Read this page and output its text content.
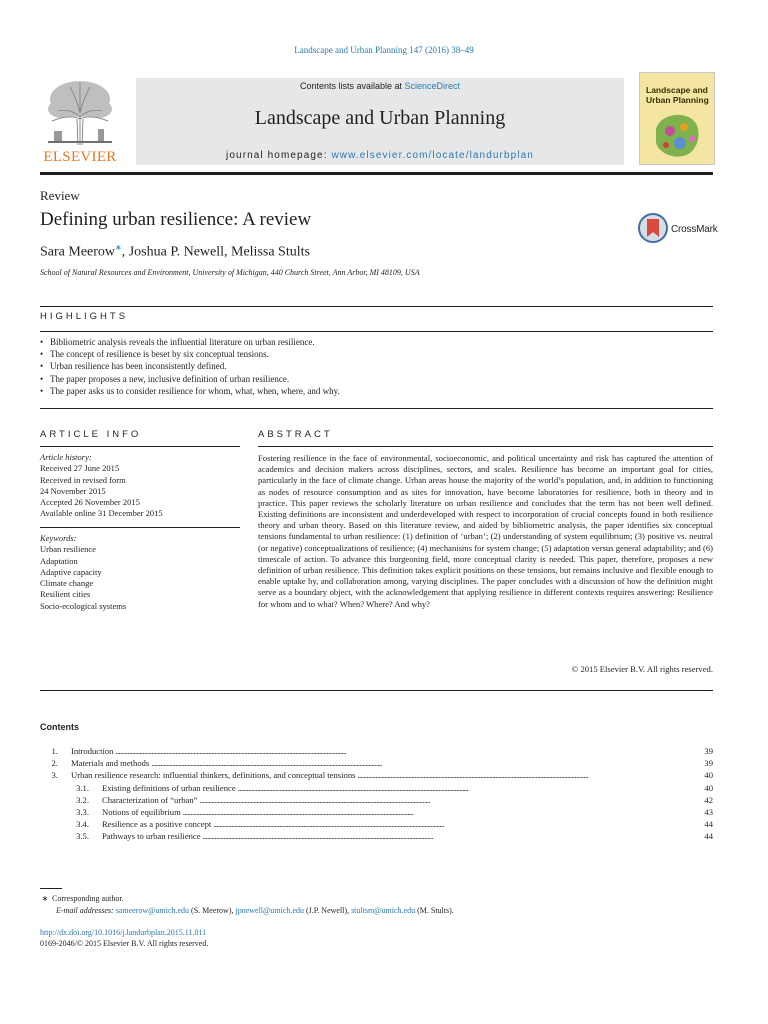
Landscape and Urban Planning 147 (2016) 38–49
ELSEVIER
Contents lists available at ScienceDirect
Landscape and Urban Planning
journal homepage: www.elsevier.com/locate/landurbplan
Landscape and
Urban Planning
Review
Defining urban resilience: A review
Sara Meerow∗, Joshua P. Newell, Melissa Stults
School of Natural Resources and Environment, University of Michigan, 440 Church Street, Ann Arbor, MI 48109, USA
CrossMark
HIGHLIGHTS
• Bibliometric analysis reveals the influential literature on urban resilience.
• The concept of resilience is beset by six conceptual tensions.
• Urban resilience has been inconsistently defined.
• The paper proposes a new, inclusive definition of urban resilience.
• The paper asks us to consider resilience for whom, what, when, where, and why.
ARTICLE INFO
Article history:
Received 27 June 2015
Received in revised form
24 November 2015
Accepted 26 November 2015
Available online 31 December 2015
Keywords:
Urban resilience
Adaptation
Adaptive capacity
Climate change
Resilient cities
Socio-ecological systems
ABSTRACT

Fostering resilience in the face of environmental, socioeconomic, and political uncertainty and risk has captured the attention of academics and decision makers across disciplines, sectors, and scales. Resilience has become an important goal for cities, particularly in the face of climate change. Urban areas house the majority of the world’s population, and, in addition to functioning as nodes of resource consumption and as sites for innovation, have become laboratories for resilience, both in theory and in practice. This paper reviews the scholarly literature on urban resilience and concludes that the term has not been well defined. Existing definitions are inconsistent and underdeveloped with respect to incorporation of crucial concepts found in both resilience theory and urban theory. Based on this literature review, and aided by bibliometric analysis, the paper identifies six conceptual tensions fundamental to urban resilience: (1) definition of ‘urban’; (2) understanding of system equilibrium; (3) positive vs. neutral (or negative) conceptualizations of resilience; (4) mechanisms for system change; (5) adaptation versus general adaptability; and (6) timescale of action. To advance this burgeoning field, more conceptual clarity is needed. This paper, therefore, proposes a new definition of urban resilience. This definition takes explicit positions on these tensions, but remains inclusive and flexible enough to enable uptake by, and collaboration among, varying disciplines. The paper concludes with a discussion of how the definition might serve as a boundary object, with the acknowledgement that applying resilience in different contexts requires answering: Resilience for whom and to what? When? Where? And why?

© 2015 Elsevier B.V. All rights reserved.
Contents
1. Introduction . . .	39
2. Materials and methods . . .	39
3. Urban resilience research: influential thinkers, definitions, and conceptual tensions . . .	40
3.1. Existing definitions of urban resilience . . .	40
3.2. Characterization of “urban” . . .	42
3.3. Notions of equilibrium . . .	43
3.4. Resilience as a positive concept . . .	44
3.5. Pathways to urban resilience . . .	44
∗ Corresponding author.
E-mail addresses: sameerow@umich.edu (S. Meerow), jpnewell@umich.edu (J.P. Newell), stultsm@umich.edu (M. Stults).
http://dx.doi.org/10.1016/j.landurbplan.2015.11.011
0169-2046/© 2015 Elsevier B.V. All rights reserved.
